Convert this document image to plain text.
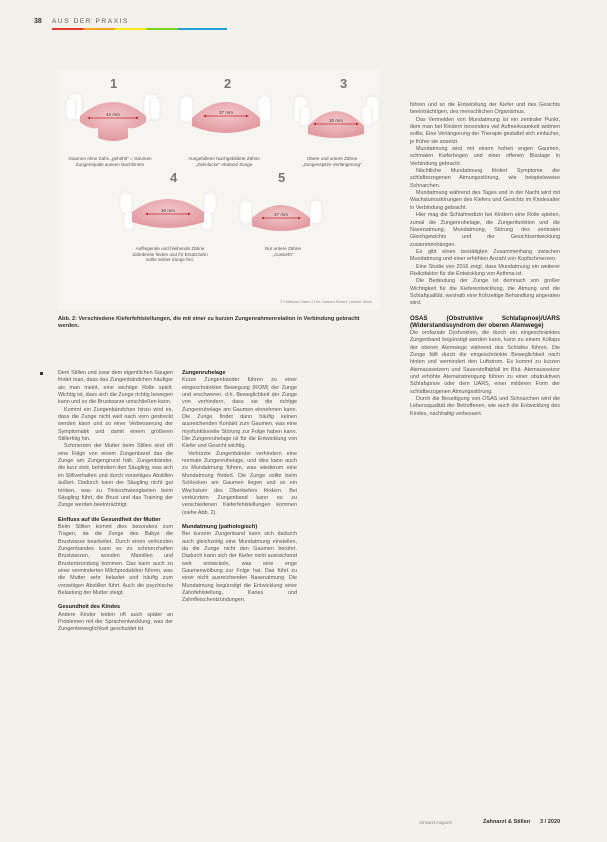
38 AUS DER PRAXIS
42 mm	37 mm
30 mm
30 mm
37 mm
1	2	3
4	5
Gaumen ohne Zahn „gehöhlt" = Gaumen
Zungenspalte aussen Nachhinten
Ausgefallene Nachgebildete Zähne
„Zahnlücke" Abstand Zunge
Obere und untere Zähne
„Zungenspitze Verlängerung"
Aufliegende und bleibende Zähne
Zahnbreite finden und ihr Ersatzzahn
sollte seiner Zunge frei.
Nur untere Zähne
„Aussieht"
© Hoffmann Naxo | The Camera Picture | Adobe Stock
Abb. 2: Verschiedene Kieferfehlstellungen, die mit einer zu kurzen Zungenrahmenrelation in Verbindung gebracht werden.

Dem Stillen und zwar dem eigentlichen Saugen findet man, dass das Zungenbändchen häufiger als man meint, eine wichtige Rolle spielt. Wichtig ist, dass sich die Zunge richtig bewegen kann und so die Brustwarze umschließen kann.

Kommt ein Zungenbändchen hinzu wird es, dass die Zunge nicht weit nach vorn gestreckt werden kann und so einer Verbesserung der Symptomatik und damit einem größeren Stillerfolg hin.

Schmerzen der Mutter beim Stillen sind oft eine Folge von einem Zungenband das die Zunge am Zungengrund hält. Zungenbänder, die kurz sind, behindern den Säugling, was sich im Stillverhalten und durch vorzeitiges Abstillen äußert. Dadurch kann der Säugling nicht gut trinken, was zu Trinkschwierigkeiten beim Säugling führt, die Brust und das Training der Zunge werden beeinträchtigt.

Einfluss auf die Gesundheit der Mutter

Beim Stillen kommt dies besonders zum Tragen, da die Zunge des Babys die Brustwarze bearbeitet. Durch einen verkürzten Zungenbandes kann es zu schmerzhaften Brustwarzen, wunden Mamillen und Brustentzündung kommen. Das kann auch zu einer verminderten Milchproduktion führen, was die Mutter sehr belastet und häufig zum vorzeitigen Abstillen führt. Auch die psychische Belastung der Mutter steigt.

Gesundheit des Kindes

Andere Kinder leiden oft auch später an Problemen mit der Sprachentwicklung, was der Zungenbeweglichkeit geschuldet ist.

Zungenruhelage

Kurze Zungenbänder führen zu einer eingeschränkten Bewegung (ROM) der Zunge und erschweren, d.h. Beweglichkeit der Zunge von verhindern, dass sie die richtige Zungenruhelage am Gaumen einnehmen kann. Die Zunge findet dann häufig keinen ausreichenden Kontakt zum Gaumen, was eine myofunktionelle Störung zur Folge haben kann. Die Zungenruhelage ist für die Entwicklung von Kiefer und Gesicht wichtig.

Verkürzte Zungenbänder verhindern eine normale Zungenruhelage, und dies kann auch zu Mundatmung führen, was wiederum eine Mundatmung fördert. Die Zunge sollte beim Schlucken am Gaumen liegen und so ein Wachstum des Oberkiefers fördern. Bei verkürztem Zungenband kann es zu verschiedenen Kieferfehlstellungen kommen (siehe Abb. 2).

Mundatmung (pathologisch)

Bei kurzem Zungenband kann sich dadurch auch gleichzeitig eine Mundatmung einstellen, da die Zunge nicht den Gaumen berührt. Dadurch kann sich der Kiefer nicht ausreichend weit entwickeln, was eine enge Gaumenwölbung zur Folge hat. Das führt zu einer nicht ausreichenden Nasenatmung. Die Mundatmung begünstigt die Entwicklung einer Zahnfehlstellung, Karies und Zahnfleischentzündungen.

führen und so die Entwicklung der Kiefer und des Gesichts beeinträchtigen, des menschlichen Organismus.

Das Vermeiden von Mundatmung ist ein zentraler Punkt, dem man bei Kindern besonders viel Aufmerksamkeit widmen sollte. Eine Verlängerung der Therapie gestaltet sich einfacher, je früher sie ansetzt.

Mundatmung wird mit einem hohen engen Gaumen, schmalen Kieferbogen und einer offenen Bisslage in Verbindung gebracht.

Nächtliche Mundatmung fördert Symptome der schlafbezogenen Atmungsstörung, wie beispielsweise Schnarchen.

Mundatmung während des Tages und in der Nacht wird mit Wachstumsstörungen des Kiefers und Gesichts im Kindesalter in Verbindung gebracht.

Hier mag die Schlafmedizin bei Kindern eine Rolle spielen, zumal die Zungenruhelage, die Zungenfunktion und die Nasenatmung, Mundatmung, Störung des zentralen Gleichgewichts und der Gesichtsentwicklung zusammenhängen.

Es gibt einen bestätigten Zusammenhang zwischen Mundatmung und einer erhöhten Anzahl von Kopfschmerzen.

Eine Studie von 2016 zeigt, dass Mundatmung ein weiterer Risikofaktor für die Entwicklung von Asthma ist.

Die Bedeutung der Zunge ist demnach von großer Wichtigkeit für die Kieferentwicklung, die Atmung und die Schlafqualität, weshalb eine frühzeitige Behandlung angeraten wird.

OSAS (Obstruktive Schlafapnoe)/UARS (Widerstandssyndrom der oberen Atemwege)

Die orofaziale Dysfunktion, die durch ein eingeschränktes Zungenband begünstigt werden kann, kann zu einem Kollaps der oberen Atemwege während des Schlafes führen. Die Zunge fällt durch die eingeschränkte Beweglichkeit nach hinten und vermindert den Luftstrom. Es kommt zu kurzen Atemaussetzern und Sauerstoffabfall im Blut. Atemaussetzer und erhöhte Atemanstrengung führen zu einer obstruktiven Schlafapnoe oder dem UARS, einer milderen Form der schlafbezogenen Atmungsstörung.

Durch die Beseitigung von OSAS und Schnarchen wird die Lebensqualität der Betroffenen, wie auch die Entwicklung des Kindes, nachhaltig verbessert.

zahnarzt.magazin	Zahnarzt & Stillen 3 / 2020
